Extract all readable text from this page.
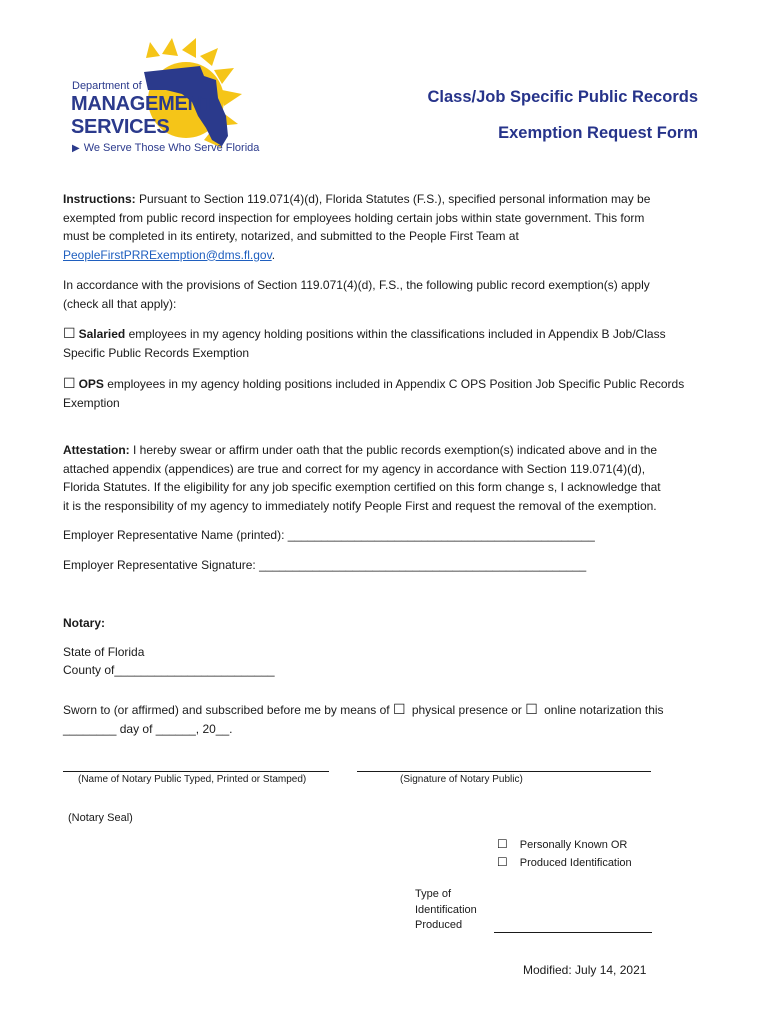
Department of
MANAGEMENT
SERVICES
▶ We Serve Those Who Serve Florida
Class/Job Specific Public Records
Exemption Request Form
Instructions: Pursuant to Section 119.071(4)(d), Florida Statutes (F.S.), specified personal information may be
exempted from public record inspection for employees holding certain jobs within state government. This form
must be completed in its entirety, notarized, and submitted to the People First Team at
PeopleFirstPRRExemption@dms.fl.gov.
In accordance with the provisions of Section 119.071(4)(d), F.S., the following public record exemption(s) apply
(check all that apply):
☐ Salaried employees in my agency holding positions within the classifications included in Appendix B Job/Class
Specific Public Records Exemption
☐ OPS employees in my agency holding positions included in Appendix C OPS Position Job Specific Public Records
Exemption
Attestation: I hereby swear or affirm under oath that the public records exemption(s) indicated above and in the
attached appendix (appendices) are true and correct for my agency in accordance with Section 119.071(4)(d),
Florida Statutes. If the eligibility for any job specific exemption certified on this form change s, I acknowledge that
it is the responsibility of my agency to immediately notify People First and request the removal of the exemption.
Employer Representative Name (printed): ______________________________________________
Employer Representative Signature: _________________________________________________
Notary:
State of Florida
County of________________________
Sworn to (or affirmed) and subscribed before me by means of ☐ physical presence or ☐ online notarization this
________ day of ______, 20__.
(Name of Notary Public Typed, Printed or Stamped)	(Signature of Notary Public)
(Notary Seal)
☐ Personally Known OR
☐ Produced Identification
Type of
Identification
Produced
Modified: July 14, 2021
